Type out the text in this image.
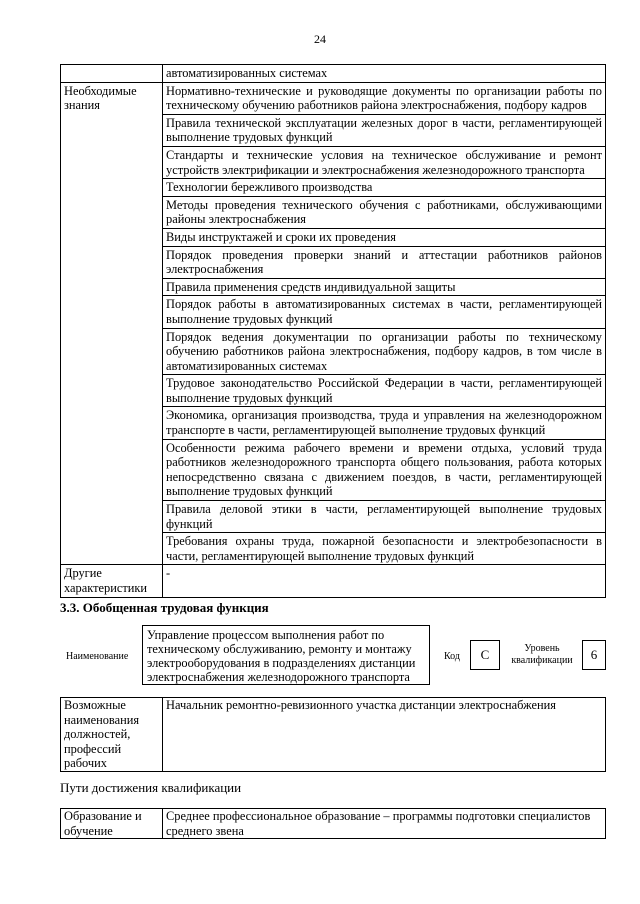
24
	автоматизированных системах
Необходимые знания	Нормативно-технические и руководящие документы по организации работы по техническому обучению работников района электроснабжения, подбору кадров
	Правила технической эксплуатации железных дорог в части, регламентирующей выполнение трудовых функций
	Стандарты и технические условия на техническое обслуживание и ремонт устройств электрификации и электроснабжения железнодорожного транспорта
	Технологии бережливого производства
	Методы проведения технического обучения с работниками, обслуживающими районы электроснабжения
	Виды инструктажей и сроки их проведения
	Порядок проведения проверки знаний и аттестации работников районов электроснабжения
	Правила применения средств индивидуальной защиты
	Порядок работы в автоматизированных системах в части, регламентирующей выполнение трудовых функций
	Порядок ведения документации по организации работы по техническому обучению работников района электроснабжения, подбору кадров, в том числе в автоматизированных системах
	Трудовое законодательство Российской Федерации в части, регламентирующей выполнение трудовых функций
	Экономика, организация производства, труда и управления на железнодорожном транспорте в части, регламентирующей выполнение трудовых функций
	Особенности режима рабочего времени и времени отдыха, условий труда работников железнодорожного транспорта общего пользования, работа которых непосредственно связана с движением поездов, в части, регламентирующей выполнение трудовых функций
	Правила деловой этики в части, регламентирующей выполнение трудовых функций
	Требования охраны труда, пожарной безопасности и электробезопасности в части, регламентирующей выполнение трудовых функций
Другие характеристики	-
3.3. Обобщенная трудовая функция
Наименование
Управление процессом выполнения работ по техническому обслуживанию, ремонту и монтажу электрооборудования в подразделениях дистанции электроснабжения железнодорожного транспорта
Код	C	Уровень квалификации	6
Возможные наименования должностей, профессий рабочих	Начальник ремонтно-ревизионного участка дистанции электроснабжения
Пути достижения квалификации
Образование и обучение	Среднее профессиональное образование – программы подготовки специалистов среднего звена
